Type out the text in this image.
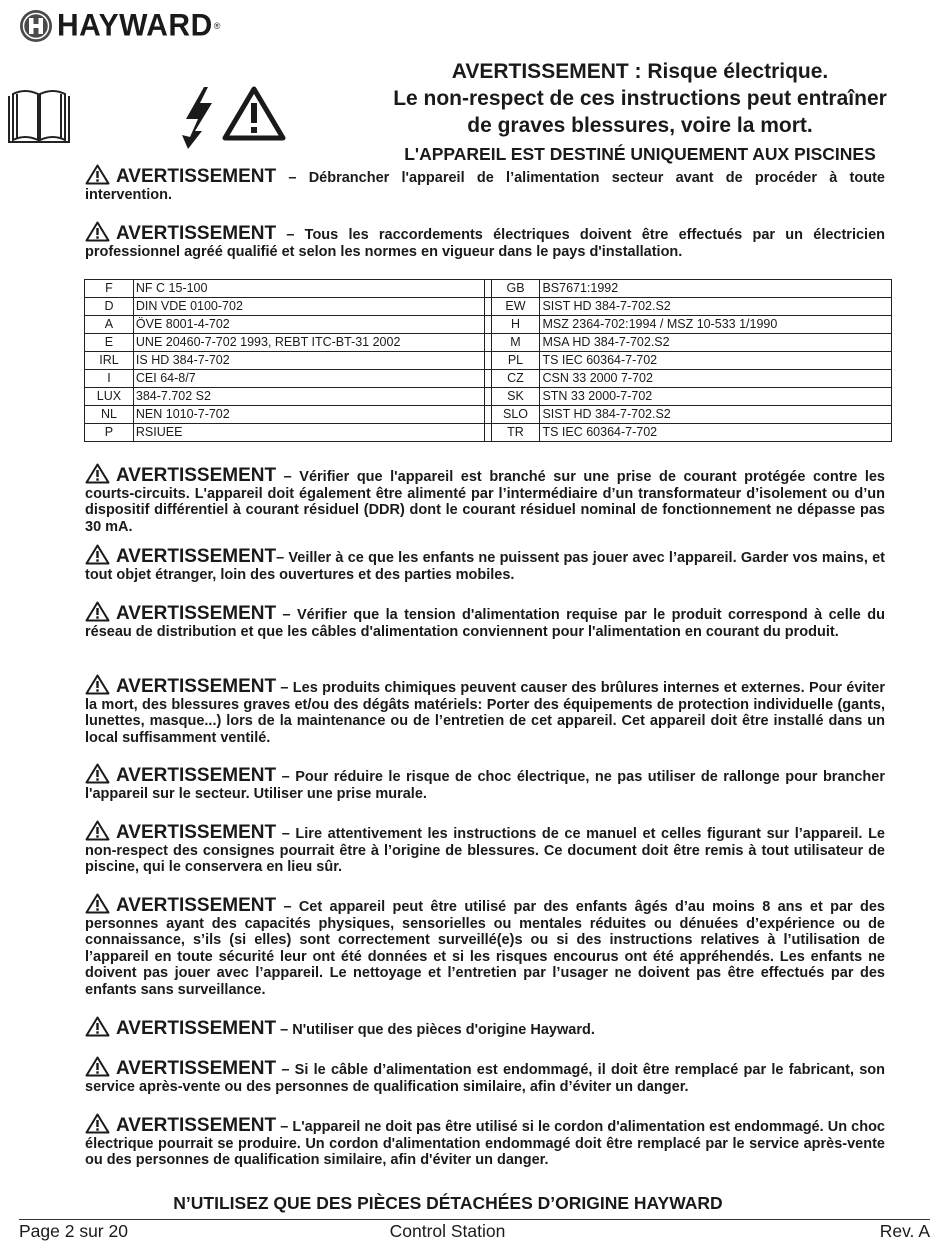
HAYWARD ®
AVERTISSEMENT : Risque électrique.
Le non-respect de ces instructions peut entraîner
de graves blessures, voire la mort.
L'APPAREIL EST DESTINÉ UNIQUEMENT AUX PISCINES
AVERTISSEMENT – Débrancher l'appareil de l’alimentation secteur avant de procéder à toute intervention.
AVERTISSEMENT – Tous les raccordements électriques doivent être effectués par un électricien professionnel agréé qualifié et selon les normes en vigueur dans le pays d'installation.
F	NF C 15-100		GB	BS7671:1992
D	DIN VDE 0100-702		EW	SIST HD 384-7-702.S2
A	ÖVE 8001-4-702		H	MSZ 2364-702:1994 / MSZ 10-533 1/1990
E	UNE 20460-7-702 1993, REBT ITC-BT-31 2002		M	MSA HD 384-7-702.S2
IRL	IS HD 384-7-702		PL	TS IEC 60364-7-702
I	CEI 64-8/7		CZ	CSN 33 2000 7-702
LUX	384-7.702 S2		SK	STN 33 2000-7-702
NL	NEN 1010-7-702		SLO	SIST HD 384-7-702.S2
P	RSIUEE		TR	TS IEC 60364-7-702
AVERTISSEMENT – Vérifier que l'appareil est branché sur une prise de courant protégée contre les courts-circuits. L'appareil doit également être alimenté par l’intermédiaire d’un transformateur d’isolement ou d’un dispositif différentiel à courant résiduel (DDR) dont le courant résiduel nominal de fonctionnement ne dépasse pas 30 mA.
AVERTISSEMENT– Veiller à ce que les enfants ne puissent pas jouer avec l’appareil. Garder vos mains, et tout objet étranger, loin des ouvertures et des parties mobiles.
AVERTISSEMENT – Vérifier que la tension d'alimentation requise par le produit correspond à celle du réseau de distribution et que les câbles d'alimentation conviennent pour l'alimentation en courant du produit.
AVERTISSEMENT – Les produits chimiques peuvent causer des brûlures internes et externes. Pour éviter la mort, des blessures graves et/ou des dégâts matériels: Porter des équipements de protection individuelle (gants, lunettes, masque...) lors de la maintenance ou de l’entretien de cet appareil. Cet appareil doit être installé dans un local suffisamment ventilé.
AVERTISSEMENT – Pour réduire le risque de choc électrique, ne pas utiliser de rallonge pour brancher l'appareil sur le secteur. Utiliser une prise murale.
AVERTISSEMENT – Lire attentivement les instructions de ce manuel et celles figurant sur l’appareil. Le non-respect des consignes pourrait être à l’origine de blessures. Ce document doit être remis à tout utilisateur de piscine, qui le conservera en lieu sûr.
AVERTISSEMENT – Cet appareil peut être utilisé par des enfants âgés d’au moins 8 ans et par des personnes ayant des capacités physiques, sensorielles ou mentales réduites ou dénuées d’expérience ou de connaissance, s’ils (si elles) sont correctement surveillé(e)s ou si des instructions relatives à l’utilisation de l’appareil en toute sécurité leur ont été données et si les risques encourus ont été appréhendés. Les enfants ne doivent pas jouer avec l’appareil. Le nettoyage et l’entretien par l’usager ne doivent pas être effectués par des enfants sans surveillance.
AVERTISSEMENT – N'utiliser que des pièces d'origine Hayward.
AVERTISSEMENT – Si le câble d’alimentation est endommagé, il doit être remplacé par le fabricant, son service après-vente ou des personnes de qualification similaire, afin d’éviter un danger.
AVERTISSEMENT – L'appareil ne doit pas être utilisé si le cordon d'alimentation est endommagé. Un choc électrique pourrait se produire. Un cordon d'alimentation endommagé doit être remplacé par le service après-vente ou des personnes de qualification similaire, afin d'éviter un danger.
N’UTILISEZ QUE DES PIÈCES DÉTACHÉES D’ORIGINE HAYWARD
Page 2 sur 20	Control Station	Rev. A
